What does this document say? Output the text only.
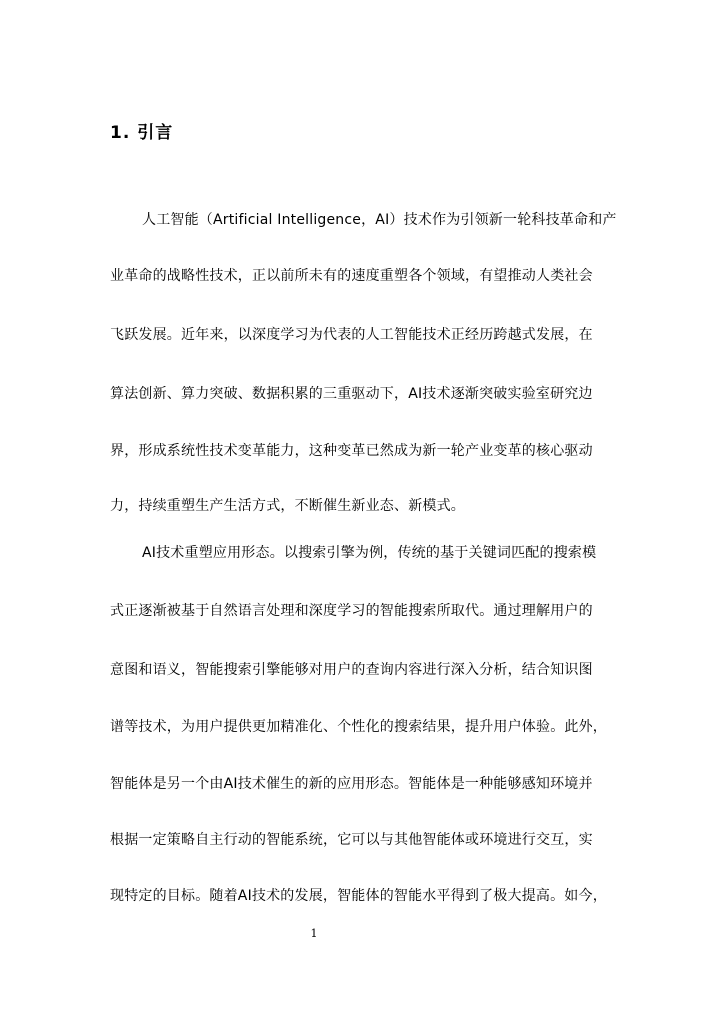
1. 引言
人工智能（Artificial Intelligence，AI）技术作为引领新一轮科技革命和产
业革命的战略性技术，正以前所未有的速度重塑各个领域，有望推动人类社会
飞跃发展。近年来，以深度学习为代表的人工智能技术正经历跨越式发展，在
算法创新、算力突破、数据积累的三重驱动下，AI技术逐渐突破实验室研究边
界，形成系统性技术变革能力，这种变革已然成为新一轮产业变革的核心驱动
力，持续重塑生产生活方式，不断催生新业态、新模式。
AI技术重塑应用形态。以搜索引擎为例，传统的基于关键词匹配的搜索模
式正逐渐被基于自然语言处理和深度学习的智能搜索所取代。通过理解用户的
意图和语义，智能搜索引擎能够对用户的查询内容进行深入分析，结合知识图
谱等技术，为用户提供更加精准化、个性化的搜索结果，提升用户体验。此外，
智能体是另一个由AI技术催生的新的应用形态。智能体是一种能够感知环境并
根据一定策略自主行动的智能系统，它可以与其他智能体或环境进行交互，实
现特定的目标。随着AI技术的发展，智能体的智能水平得到了极大提高。如今，
1
